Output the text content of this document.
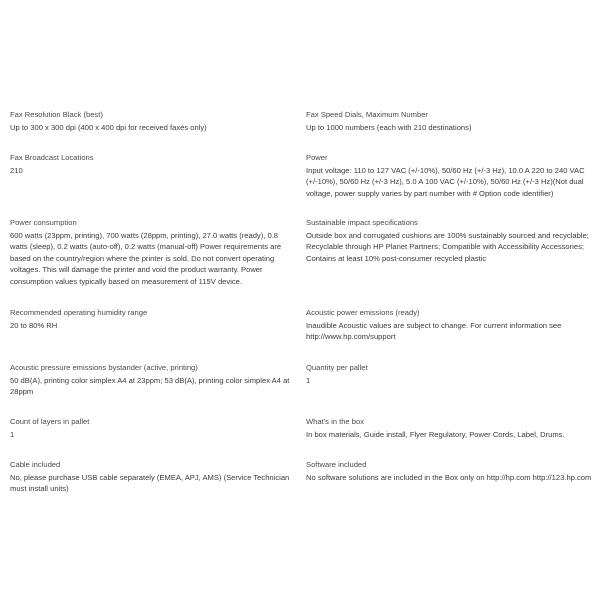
Fax Resolution Black (best)
Up to 300 x 300 dpi (400 x 400 dpi for received faxes only)
Fax Broadcast Locations
210
Power consumption
600 watts (23ppm, printing), 700 watts (28ppm, printing), 27.0 watts (ready), 0.8 watts (sleep), 0.2 watts (auto-off), 0.2 watts (manual-off) Power requirements are based on the country/region where the printer is sold. Do not convert operating voltages. This will damage the printer and void the product warranty. Power consumption values typically based on measurement of 115V device.
Recommended operating humidity range
20 to 80% RH
Acoustic pressure emissions bystander (active, printing)
50 dB(A), printing color simplex A4 at 23ppm; 53 dB(A), printing color simplex A4 at 28ppm
Count of layers in pallet
1
Cable included
No, please purchase USB cable separately (EMEA, APJ, AMS) (Service Technician must install units)
Fax Speed Dials, Maximum Number
Up to 1000 numbers (each with 210 destinations)
Power
Input voltage: 110 to 127 VAC (+/-10%), 50/60 Hz (+/-3 Hz), 10.0 A 220 to 240 VAC (+/-10%), 50/60 Hz (+/-3 Hz), 5.0 A 100 VAC (+/-10%), 50/60 Hz (+/-3 Hz)(Not dual voltage, power supply varies by part number with # Option code identifier)
Sustainable impact specifications
Outside box and corrugated cushions are 100% sustainably sourced and recyclable; Recyclable through HP Planet Partners; Compatible with Accessibility Accessories; Contains at least 10% post-consumer recycled plastic
Acoustic power emissions (ready)
Inaudible Acoustic values are subject to change. For current information see http://www.hp.com/support
Quantity per pallet
1
What's in the box
In box materials, Guide install, Flyer Regulatory, Power Cords, Label, Drums.
Software included
No software solutions are included in the Box only on http://hp.com http://123.hp.com
